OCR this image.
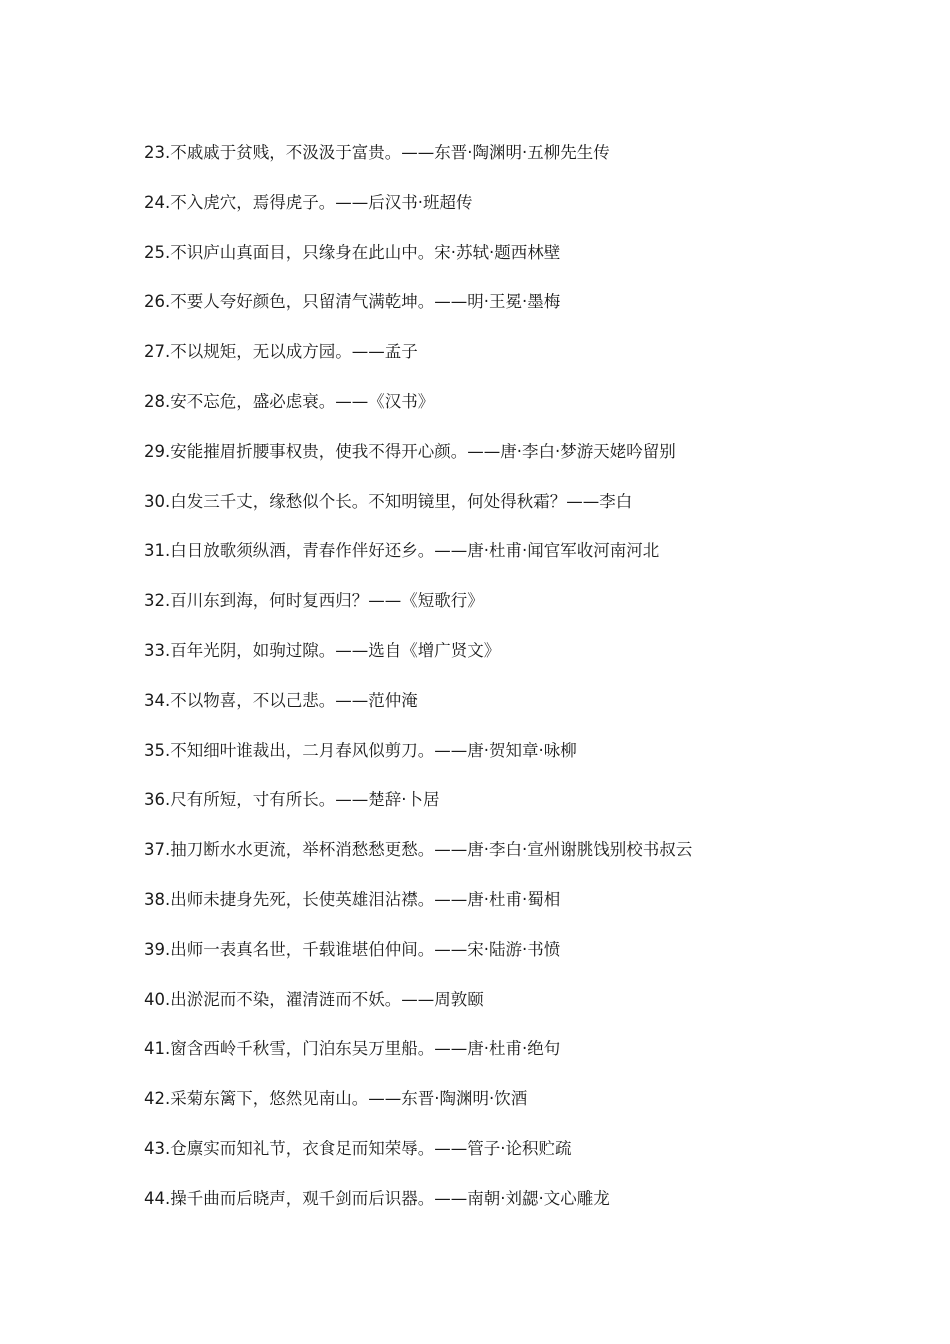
23.不戚戚于贫贱，不汲汲于富贵。——东晋·陶渊明·五柳先生传
24.不入虎穴，焉得虎子。——后汉书·班超传
25.不识庐山真面目，只缘身在此山中。宋·苏轼·题西林壁
26.不要人夸好颜色，只留清气满乾坤。——明·王冕·墨梅
27.不以规矩，无以成方园。——孟子
28.安不忘危，盛必虑衰。——《汉书》
29.安能摧眉折腰事权贵，使我不得开心颜。——唐·李白·梦游天姥吟留别
30.白发三千丈，缘愁似个长。不知明镜里，何处得秋霜？——李白
31.白日放歌须纵酒，青春作伴好还乡。——唐·杜甫·闻官军收河南河北
32.百川东到海，何时复西归？——《短歌行》
33.百年光阴，如驹过隙。——选自《增广贤文》
34.不以物喜，不以己悲。——范仲淹
35.不知细叶谁裁出，二月春风似剪刀。——唐·贺知章·咏柳
36.尺有所短，寸有所长。——楚辞·卜居
37.抽刀断水水更流，举杯消愁愁更愁。——唐·李白·宣州谢朓饯别校书叔云
38.出师未捷身先死，长使英雄泪沾襟。——唐·杜甫·蜀相
39.出师一表真名世，千载谁堪伯仲间。——宋·陆游·书愤
40.出淤泥而不染，濯清涟而不妖。——周敦颐
41.窗含西岭千秋雪，门泊东吴万里船。——唐·杜甫·绝句
42.采菊东篱下，悠然见南山。——东晋·陶渊明·饮酒
43.仓廪实而知礼节，衣食足而知荣辱。——管子·论积贮疏
44.操千曲而后晓声，观千剑而后识器。——南朝·刘勰·文心雕龙
